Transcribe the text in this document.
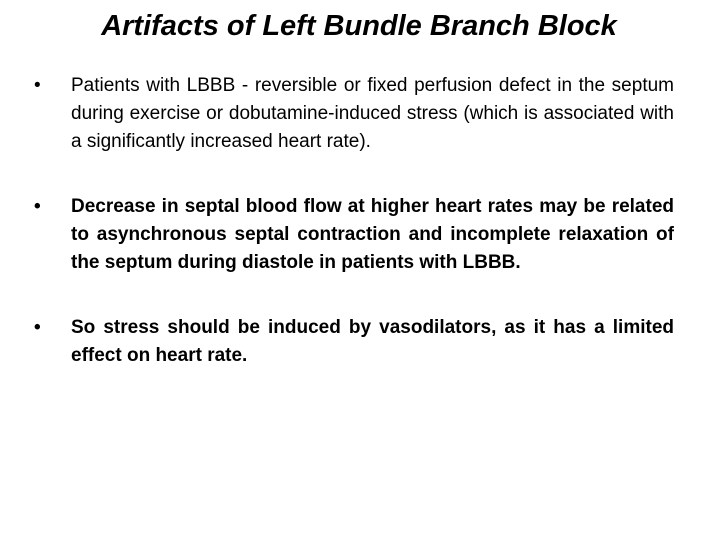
Artifacts of Left Bundle Branch Block
•	Patients with LBBB - reversible or fixed perfusion defect in the septum during exercise or dobutamine-induced stress (which is associated with a significantly increased heart rate).
•	Decrease in septal blood flow at higher heart rates may be related to asynchronous septal contraction and incomplete relaxation of the septum during diastole in patients with LBBB.
•	So stress should be induced by vasodilators, as it has a limited effect on heart rate.
